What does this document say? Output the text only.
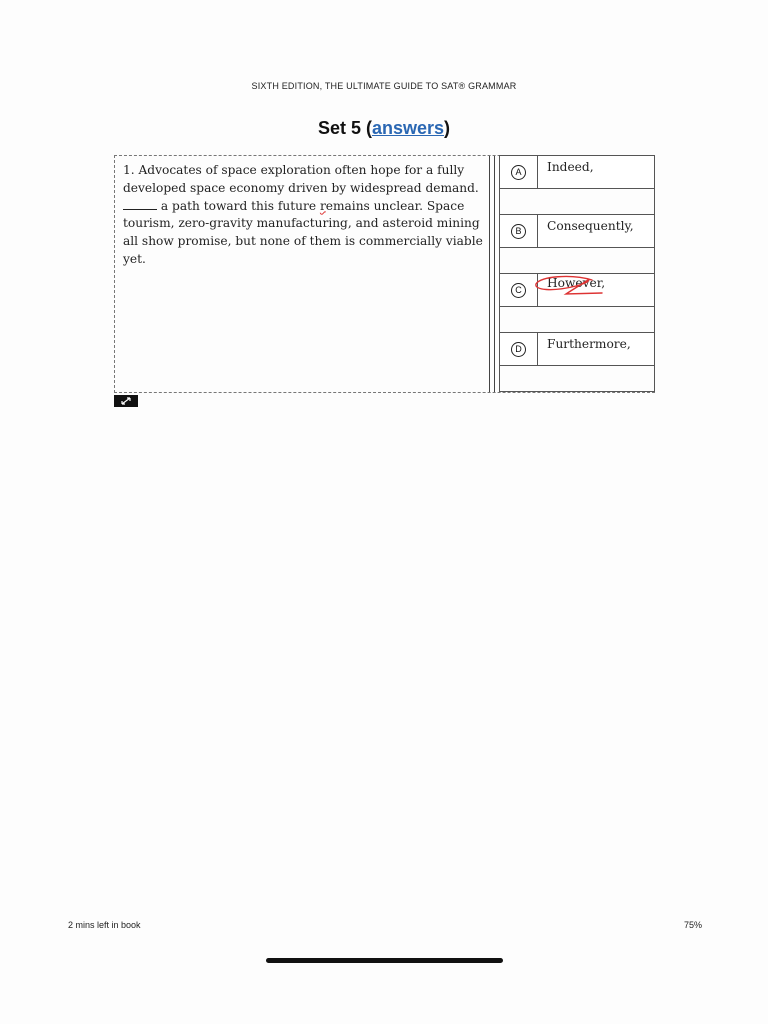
SIXTH EDITION, THE ULTIMATE GUIDE TO SAT® GRAMMAR
Set 5 (answers)
1. Advocates of space exploration often hope for a fully developed space economy driven by widespread demand.  a path toward this future remains unclear. Space tourism, zero-gravity manufacturing, and asteroid mining all show promise, but none of them is commercially viable yet.
A	Indeed,
B	Consequently,
C	However,
D	Furthermore,
2 mins left in book	75%
